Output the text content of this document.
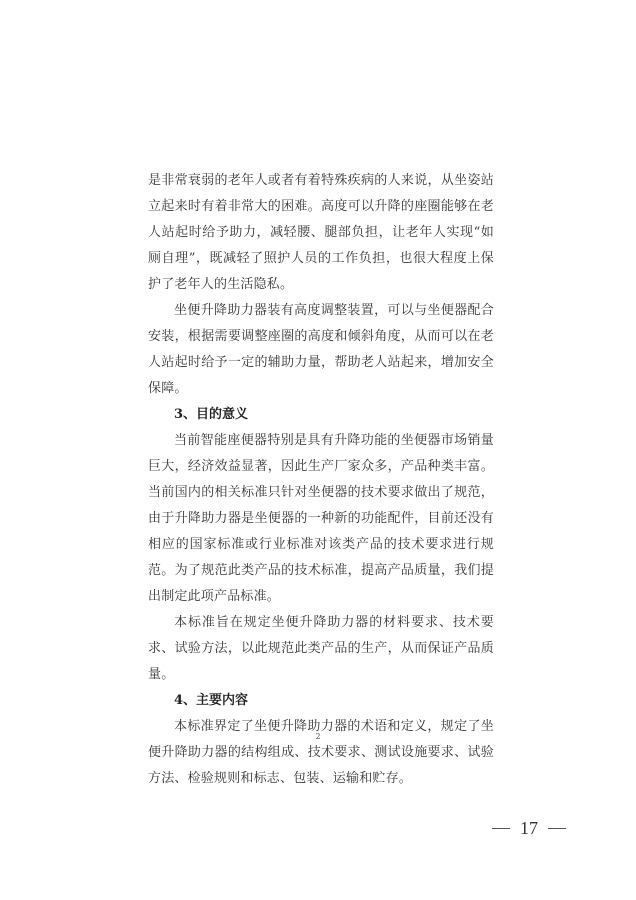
是非常衰弱的老年人或者有着特殊疾病的人来说，从坐姿站立起来时有着非常大的困难。高度可以升降的座圈能够在老人站起时给予助力，减轻腰、腿部负担，让老年人实现“如厕自理”，既减轻了照护人员的工作负担，也很大程度上保护了老年人的生活隐私。

坐便升降助力器装有高度调整装置，可以与坐便器配合安装，根据需要调整座圈的高度和倾斜角度，从而可以在老人站起时给予一定的辅助力量，帮助老人站起来，增加安全保障。

3、目的意义

当前智能座便器特别是具有升降功能的坐便器市场销量巨大，经济效益显著，因此生产厂家众多，产品种类丰富。当前国内的相关标准只针对坐便器的技术要求做出了规范，由于升降助力器是坐便器的一种新的功能配件，目前还没有相应的国家标准或行业标准对该类产品的技术要求进行规范。为了规范此类产品的技术标准，提高产品质量，我们提出制定此项产品标准。

本标准旨在规定坐便升降助力器的材料要求、技术要求、试验方法，以此规范此类产品的生产，从而保证产品质量。

4、主要内容

本标准界定了坐便升降助力器的术语和定义，规定了坐便升降助力器的结构组成、技术要求、测试设施要求、试验方法、检验规则和标志、包装、运输和贮存。

2
17
